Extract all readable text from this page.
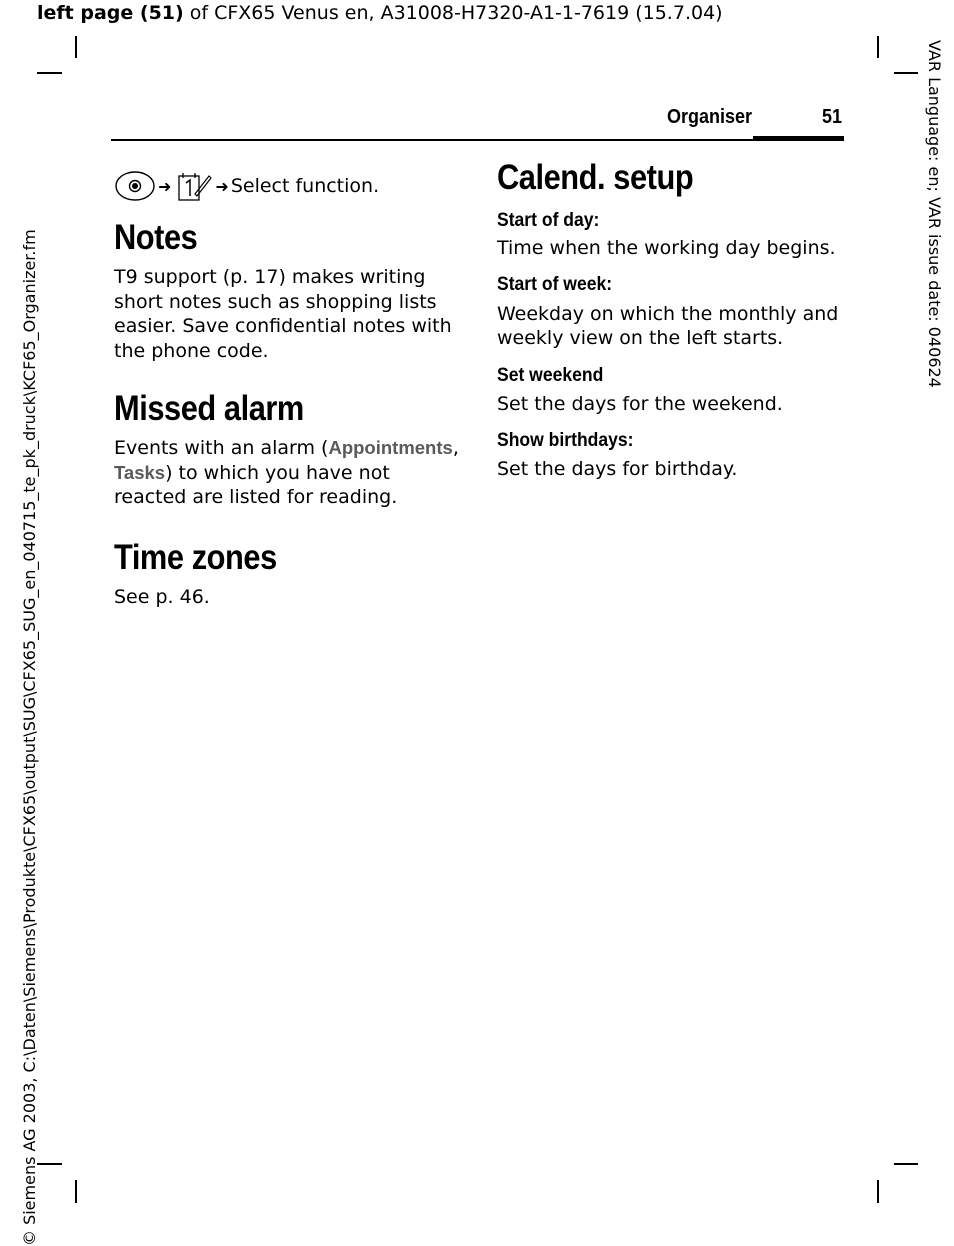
left page (51) of CFX65 Venus en, A31008-H7320-A1-1-7619 (15.7.04)
© Siemens AG 2003, C:\Daten\Siemens\Produkte\CFX65\output\SUG\CFX65_SUG_en_040715_te_pk_druck\KCF65_Organizer.fm
VAR Language: en; VAR issue date: 040624
Organiser	51
➜	➜ Select function.
Notes

T9 support (p. 17) makes writing short notes such as shopping lists easier. Save confidential notes with the phone code.

Missed alarm

Events with an alarm (Appointments, Tasks) to which you have not reacted are listed for reading.

Time zones

See p. 46.

Calend. setup
Start of day:

Time when the working day begins.

Start of week:

Weekday on which the monthly and weekly view on the left starts.

Set weekend

Set the days for the weekend.

Show birthdays:

Set the days for birthday.
